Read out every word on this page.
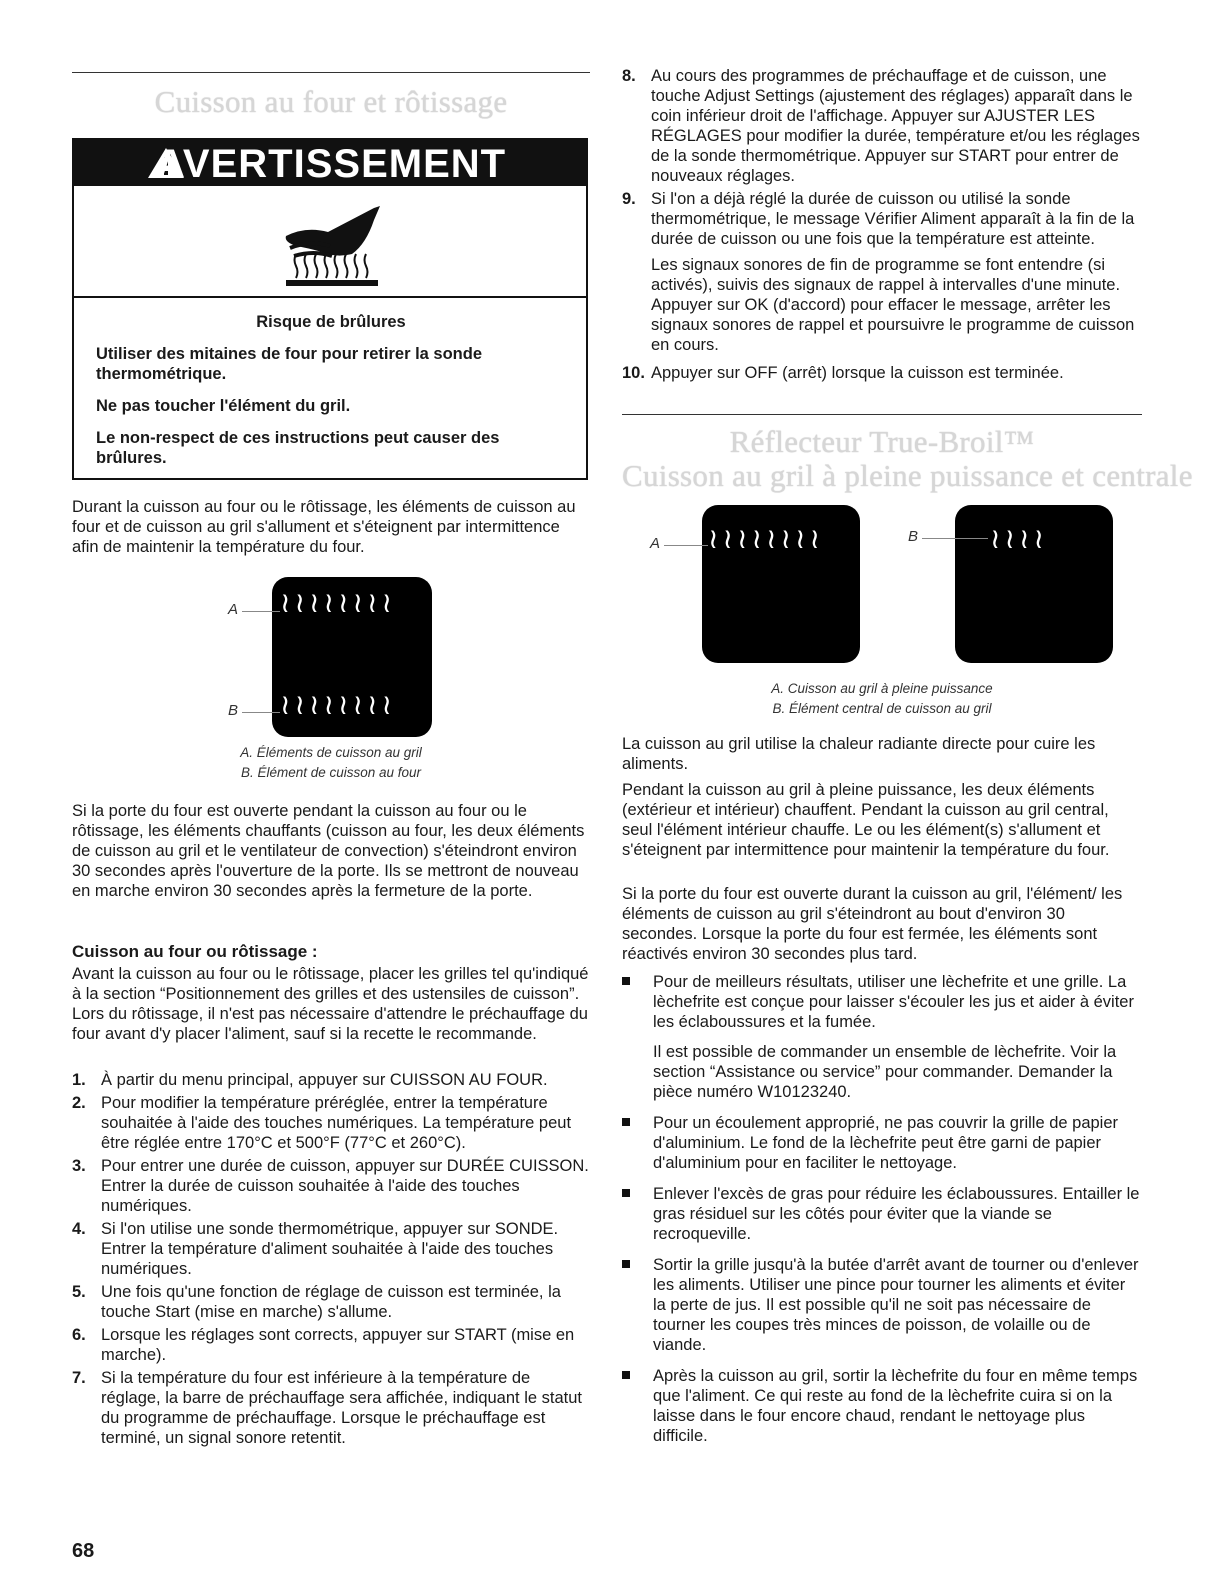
Cuisson au four et rôtissage
AVERTISSEMENT

Risque de brûlures

Utiliser des mitaines de four pour retirer la sonde thermométrique.

Ne pas toucher l'élément du gril.

Le non-respect de ces instructions peut causer des brûlures.

Durant la cuisson au four ou le rôtissage, les éléments de cuisson au four et de cuisson au gril s'allument et s'éteignent par intermittence afin de maintenir la température du four.

≀≀≀≀≀≀≀≀
≀≀≀≀≀≀≀≀
A
B
A. Éléments de cuisson au gril
B. Élément de cuisson au four

Si la porte du four est ouverte pendant la cuisson au four ou le rôtissage, les éléments chauffants (cuisson au four, les deux éléments de cuisson au gril et le ventilateur de convection) s'éteindront environ 30 secondes après l'ouverture de la porte. Ils se mettront de nouveau en marche environ 30 secondes après la fermeture de la porte.

Cuisson au four ou rôtissage :

Avant la cuisson au four ou le rôtissage, placer les grilles tel qu'indiqué à la section “Positionnement des grilles et des ustensiles de cuisson”. Lors du rôtissage, il n'est pas nécessaire d'attendre le préchauffage du four avant d'y placer l'aliment, sauf si la recette le recommande.

1. À partir du menu principal, appuyer sur CUISSON AU FOUR.
2. Pour modifier la température préréglée, entrer la température souhaitée à l'aide des touches numériques. La température peut être réglée entre 170°C et 500°F (77°C et 260°C).
3. Pour entrer une durée de cuisson, appuyer sur DURÉE CUISSON. Entrer la durée de cuisson souhaitée à l'aide des touches numériques.
4. Si l'on utilise une sonde thermométrique, appuyer sur SONDE. Entrer la température d'aliment souhaitée à l'aide des touches numériques.
5. Une fois qu'une fonction de réglage de cuisson est terminée, la touche Start (mise en marche) s'allume.
6. Lorsque les réglages sont corrects, appuyer sur START (mise en marche).
7. Si la température du four est inférieure à la température de réglage, la barre de préchauffage sera affichée, indiquant le statut du programme de préchauffage. Lorsque le préchauffage est terminé, un signal sonore retentit.
68
8. Au cours des programmes de préchauffage et de cuisson, une touche Adjust Settings (ajustement des réglages) apparaît dans le coin inférieur droit de l'affichage. Appuyer sur AJUSTER LES RÉGLAGES pour modifier la durée, température et/ou les réglages de la sonde thermométrique. Appuyer sur START pour entrer de nouveaux réglages.
9. Si l'on a déjà réglé la durée de cuisson ou utilisé la sonde thermométrique, le message Vérifier Aliment apparaît à la fin de la durée de cuisson ou une fois que la température est atteinte.
Les signaux sonores de fin de programme se font entendre (si activés), suivis des signaux de rappel à intervalles d'une minute. Appuyer sur OK (d'accord) pour effacer le message, arrêter les signaux sonores de rappel et poursuivre le programme de cuisson en cours.
10. Appuyer sur OFF (arrêt) lorsque la cuisson est terminée.
Réflecteur True-Broil™
Cuisson au gril à pleine puissance et centrale
≀≀≀≀≀≀≀≀
A	≀≀≀≀
B
A. Cuisson au gril à pleine puissance
B. Élément central de cuisson au gril

La cuisson au gril utilise la chaleur radiante directe pour cuire les aliments.

Pendant la cuisson au gril à pleine puissance, les deux éléments (extérieur et intérieur) chauffent. Pendant la cuisson au gril central, seul l'élément intérieur chauffe. Le ou les élément(s) s'allument et s'éteignent par intermittence pour maintenir la température du four.

Si la porte du four est ouverte durant la cuisson au gril, l'élément/ les éléments de cuisson au gril s'éteindront au bout d'environ 30 secondes. Lorsque la porte du four est fermée, les éléments sont réactivés environ 30 secondes plus tard.

Pour de meilleurs résultats, utiliser une lèchefrite et une grille. La lèchefrite est conçue pour laisser s'écouler les jus et aider à éviter les éclaboussures et la fumée.
Il est possible de commander un ensemble de lèchefrite. Voir la section “Assistance ou service” pour commander. Demander la pièce numéro W10123240.
Pour un écoulement approprié, ne pas couvrir la grille de papier d'aluminium. Le fond de la lèchefrite peut être garni de papier d'aluminium pour en faciliter le nettoyage.
Enlever l'excès de gras pour réduire les éclaboussures. Entailler le gras résiduel sur les côtés pour éviter que la viande se recroqueville.
Sortir la grille jusqu'à la butée d'arrêt avant de tourner ou d'enlever les aliments. Utiliser une pince pour tourner les aliments et éviter la perte de jus. Il est possible qu'il ne soit pas nécessaire de tourner les coupes très minces de poisson, de volaille ou de viande.
Après la cuisson au gril, sortir la lèchefrite du four en même temps que l'aliment. Ce qui reste au fond de la lèchefrite cuira si on la laisse dans le four encore chaud, rendant le nettoyage plus difficile.
